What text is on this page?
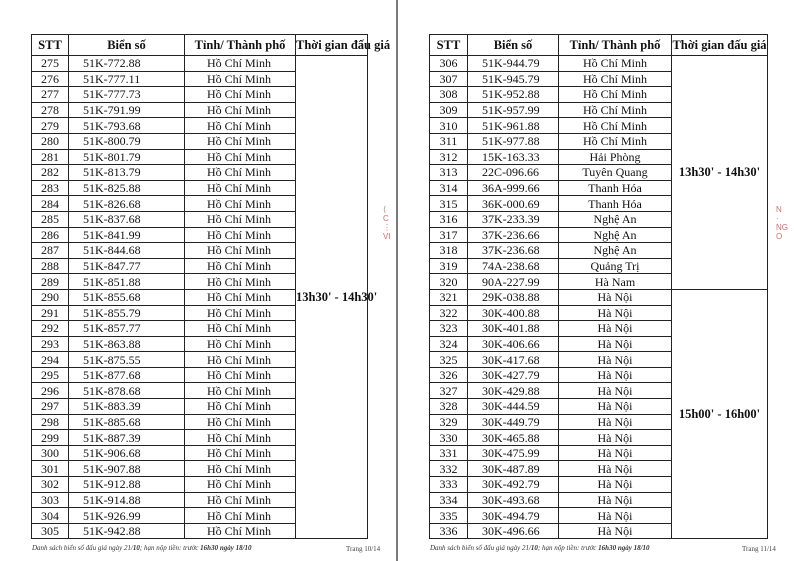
STT	Biển số	Tỉnh/ Thành phố	Thời gian đấu giá
275	51K-772.88	Hồ Chí Minh	13h30' - 14h30'
276	51K-777.11	Hồ Chí Minh	
277	51K-777.73	Hồ Chí Minh	
278	51K-791.99	Hồ Chí Minh	
279	51K-793.68	Hồ Chí Minh	
280	51K-800.79	Hồ Chí Minh	
281	51K-801.79	Hồ Chí Minh	
282	51K-813.79	Hồ Chí Minh	
283	51K-825.88	Hồ Chí Minh	
284	51K-826.68	Hồ Chí Minh	
285	51K-837.68	Hồ Chí Minh	
286	51K-841.99	Hồ Chí Minh	
287	51K-844.68	Hồ Chí Minh	
288	51K-847.77	Hồ Chí Minh	
289	51K-851.88	Hồ Chí Minh	
290	51K-855.68	Hồ Chí Minh	
291	51K-855.79	Hồ Chí Minh	
292	51K-857.77	Hồ Chí Minh	
293	51K-863.88	Hồ Chí Minh	
294	51K-875.55	Hồ Chí Minh	
295	51K-877.68	Hồ Chí Minh	
296	51K-878.68	Hồ Chí Minh	
297	51K-883.39	Hồ Chí Minh	
298	51K-885.68	Hồ Chí Minh	
299	51K-887.39	Hồ Chí Minh	
300	51K-906.68	Hồ Chí Minh	
301	51K-907.88	Hồ Chí Minh	
302	51K-912.88	Hồ Chí Minh	
303	51K-914.88	Hồ Chí Minh	
304	51K-926.99	Hồ Chí Minh	
305	51K-942.88	Hồ Chí Minh	
⟨
C
⋮
VI
Danh sách biển số đấu giá ngày 21/10; hạn nộp tiền: trước 16h30 ngày 18/10	Trang 10/14
STT	Biển số	Tỉnh/ Thành phố	Thời gian đấu giá
306	51K-944.79	Hồ Chí Minh	13h30' - 14h30'
307	51K-945.79	Hồ Chí Minh	
308	51K-952.88	Hồ Chí Minh	
309	51K-957.99	Hồ Chí Minh	
310	51K-961.88	Hồ Chí Minh	
311	51K-977.88	Hồ Chí Minh	
312	15K-163.33	Hải Phòng	
313	22C-096.66	Tuyên Quang	
314	36A-999.66	Thanh Hóa	
315	36K-000.69	Thanh Hóa	
316	37K-233.39	Nghệ An	
317	37K-236.66	Nghệ An	
318	37K-236.68	Nghệ An	
319	74A-238.68	Quảng Trị	
320	90A-227.99	Hà Nam	
321	29K-038.88	Hà Nội	15h00' - 16h00'
322	30K-400.88	Hà Nội	
323	30K-401.88	Hà Nội	
324	30K-406.66	Hà Nội	
325	30K-417.68	Hà Nội	
326	30K-427.79	Hà Nội	
327	30K-429.88	Hà Nội	
328	30K-444.59	Hà Nội	
329	30K-449.79	Hà Nội	
330	30K-465.88	Hà Nội	
331	30K-475.99	Hà Nội	
332	30K-487.89	Hà Nội	
333	30K-492.79	Hà Nội	
334	30K-493.68	Hà Nội	
335	30K-494.79	Hà Nội	
336	30K-496.66	Hà Nội	
N
·
NG
O
Danh sách biển số đấu giá ngày 21/10; hạn nộp tiền: trước 16h30 ngày 18/10	Trang 11/14
